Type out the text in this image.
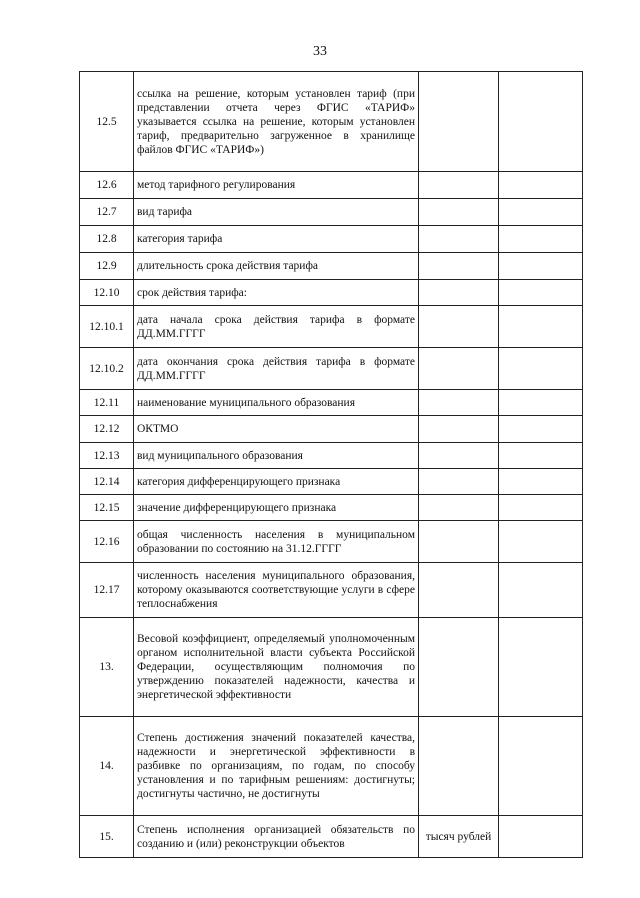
33
12.5	ссылка на решение, которым установлен тариф (при представлении отчета через ФГИС «ТАРИФ» указывается ссылка на решение, которым установлен тариф, предварительно загруженное в хранилище файлов ФГИС «ТАРИФ»)		
12.6	метод тарифного регулирования		
12.7	вид тарифа		
12.8	категория тарифа		
12.9	длительность срока действия тарифа		
12.10	срок действия тарифа:		
12.10.1	дата начала срока действия тарифа в формате ДД.ММ.ГГГГ		
12.10.2	дата окончания срока действия тарифа в формате ДД.ММ.ГГГГ		
12.11	наименование муниципального образования		
12.12	ОКТМО		
12.13	вид муниципального образования		
12.14	категория дифференцирующего признака		
12.15	значение дифференцирующего признака		
12.16	общая численность населения в муниципальном образовании по состоянию на 31.12.ГГГГ		
12.17	численность населения муниципального образования, которому оказываются соответствующие услуги в сфере теплоснабжения		
13.	Весовой коэффициент, определяемый уполномоченным органом исполнительной власти субъекта Российской Федерации, осуществляющим полномочия по утверждению показателей надежности, качества и энергетической эффективности		
14.	Степень достижения значений показателей качества, надежности и энергетической эффективности в разбивке по организациям, по годам, по способу установления и по тарифным решениям: достигнуты; достигнуты частично, не достигнуты		
15.	Степень исполнения организацией обязательств по созданию и (или) реконструкции объектов	тысяч рублей	
